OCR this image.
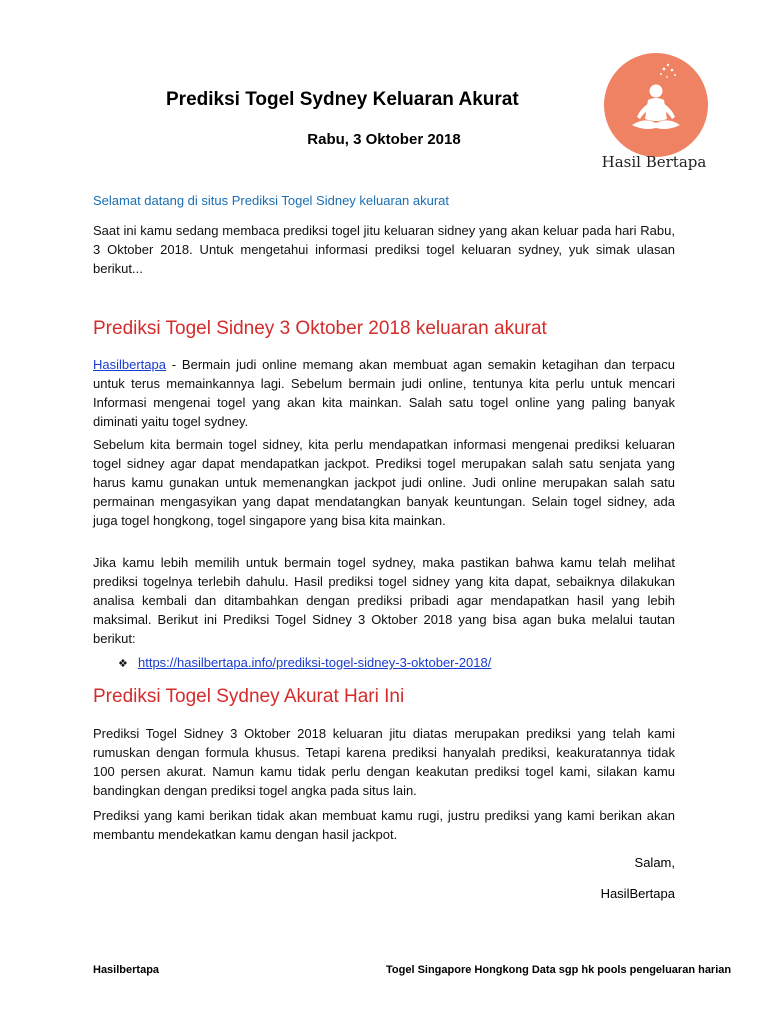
Prediksi Togel Sydney Keluaran Akurat
Hasil Bertapa
Rabu, 3 Oktober 2018
Selamat datang di situs Prediksi Togel Sidney keluaran akurat
Saat ini kamu sedang membaca prediksi togel jitu keluaran sidney yang akan keluar pada hari Rabu, 3 Oktober 2018. Untuk mengetahui informasi prediksi togel keluaran sydney, yuk simak ulasan berikut...
Prediksi Togel Sidney 3 Oktober 2018 keluaran akurat
Hasilbertapa - Bermain judi online memang akan membuat agan semakin ketagihan dan terpacu untuk terus memainkannya lagi. Sebelum bermain judi online, tentunya kita perlu untuk mencari Informasi mengenai togel yang akan kita mainkan. Salah satu togel online yang paling banyak diminati yaitu togel sydney.
Sebelum kita bermain togel sidney, kita perlu mendapatkan informasi mengenai prediksi keluaran togel sidney agar dapat mendapatkan jackpot. Prediksi togel merupakan salah satu senjata yang harus kamu gunakan untuk memenangkan jackpot judi online. Judi online merupakan salah satu permainan mengasyikan yang dapat mendatangkan banyak keuntungan. Selain togel sidney, ada juga togel hongkong, togel singapore yang bisa kita mainkan.
Jika kamu lebih memilih untuk bermain togel sydney, maka pastikan bahwa kamu telah melihat prediksi togelnya terlebih dahulu. Hasil prediksi togel sidney yang kita dapat, sebaiknya dilakukan analisa kembali dan ditambahkan dengan prediksi pribadi agar mendapatkan hasil yang lebih maksimal. Berikut ini Prediksi Togel Sidney 3 Oktober 2018 yang bisa agan buka melalui tautan berikut:
❖ https://hasilbertapa.info/prediksi-togel-sidney-3-oktober-2018/
Prediksi Togel Sydney Akurat Hari Ini
Prediksi Togel Sidney 3 Oktober 2018 keluaran jitu diatas merupakan prediksi yang telah kami rumuskan dengan formula khusus. Tetapi karena prediksi hanyalah prediksi, keakuratannya tidak 100 persen akurat. Namun kamu tidak perlu dengan keakutan prediksi togel kami, silakan kamu bandingkan dengan prediksi togel angka pada situs lain.
Prediksi yang kami berikan tidak akan membuat kamu rugi, justru prediksi yang kami berikan akan membantu mendekatkan kamu dengan hasil jackpot.
Salam,
HasilBertapa
Hasilbertapa	Togel Singapore Hongkong Data sgp hk pools pengeluaran harian
